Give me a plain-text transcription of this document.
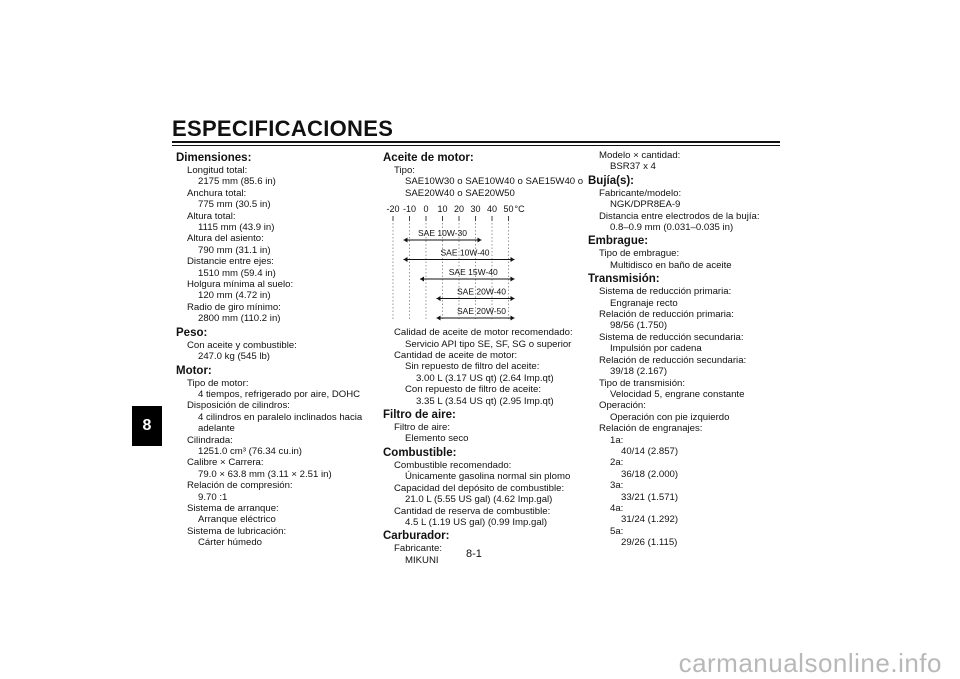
ESPECIFICACIONES
8
Dimensiones:
Longitud total:
2175 mm (85.6 in)
Anchura total:
775 mm (30.5 in)
Altura total:
1115 mm (43.9 in)
Altura del asiento:
790 mm (31.1 in)
Distancie entre ejes:
1510 mm (59.4 in)
Holgura mínima al suelo:
120 mm (4.72 in)
Radio de giro mínimo:
2800 mm (110.2 in)
Peso:
Con aceite y combustible:
247.0 kg (545 lb)
Motor:
Tipo de motor:
4 tiempos, refrigerado por aire, DOHC
Disposición de cilindros:
4 cilindros en paralelo inclinados hacia
adelante
Cilindrada:
1251.0 cm³ (76.34 cu.in)
Calibre × Carrera:
79.0 × 63.8 mm (3.11 × 2.51 in)
Relación de compresión:
9.70 :1
Sistema de arranque:
Arranque eléctrico
Sistema de lubricación:
Cárter húmedo
Aceite de motor:
Tipo:
SAE10W30 o SAE10W40 o SAE15W40 o
SAE20W40 o SAE20W50
-20 -10 0 10 20 30 40 50 °C
SAE 10W-30
SAE 10W-40
SAE 15W-40
SAE 20W-40
SAE 20W-50
Calidad de aceite de motor recomendado:
Servicio API tipo SE, SF, SG o superior
Cantidad de aceite de motor:
Sin repuesto de filtro del aceite:
3.00 L (3.17 US qt) (2.64 Imp.qt)
Con repuesto de filtro de aceite:
3.35 L (3.54 US qt) (2.95 Imp.qt)
Filtro de aire:
Filtro de aire:
Elemento seco
Combustible:
Combustible recomendado:
Únicamente gasolina normal sin plomo
Capacidad del depósito de combustible:
21.0 L (5.55 US gal) (4.62 Imp.gal)
Cantidad de reserva de combustible:
4.5 L (1.19 US gal) (0.99 Imp.gal)
Carburador:
Fabricante:
MIKUNI
Modelo × cantidad:
BSR37 x 4
Bujía(s):
Fabricante/modelo:
NGK/DPR8EA-9
Distancia entre electrodos de la bujía:
0.8–0.9 mm (0.031–0.035 in)
Embrague:
Tipo de embrague:
Multidisco en baño de aceite
Transmisión:
Sistema de reducción primaria:
Engranaje recto
Relación de reducción primaria:
98/56 (1.750)
Sistema de reducción secundaria:
Impulsión por cadena
Relación de reducción secundaria:
39/18 (2.167)
Tipo de transmisión:
Velocidad 5, engrane constante
Operación:
Operación con pie izquierdo
Relación de engranajes:
1a:
40/14 (2.857)
2a:
36/18 (2.000)
3a:
33/21 (1.571)
4a:
31/24 (1.292)
5a:
29/26 (1.115)
8-1
carmanualsonline.info
